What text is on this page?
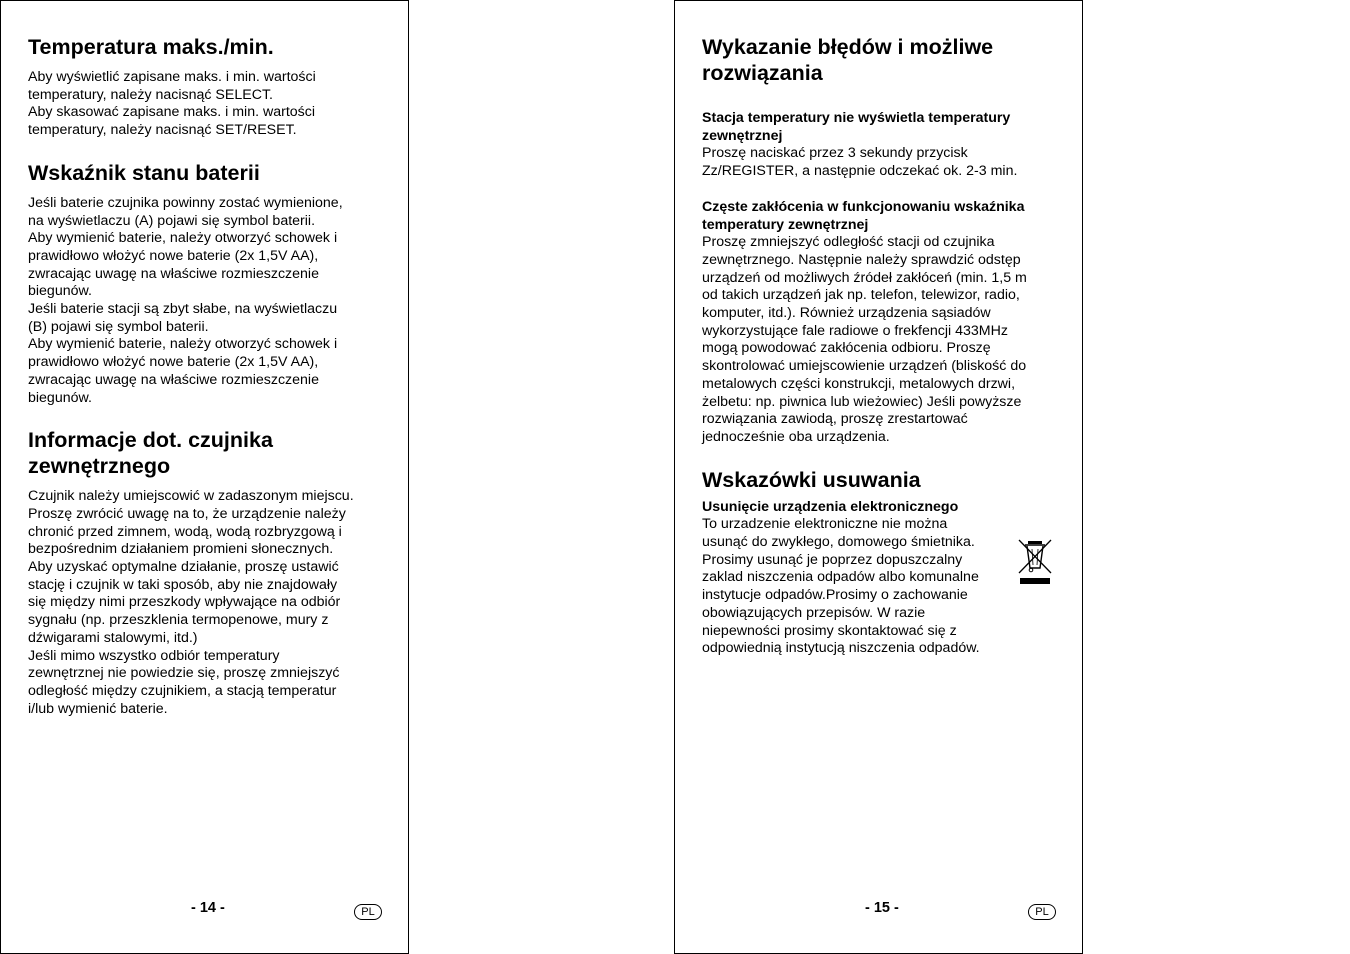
Temperatura maks./min.
Aby wyświetlić zapisane maks. i min. wartości
temperatury, należy nacisnąć SELECT.
Aby skasować zapisane maks. i min. wartości
temperatury, należy nacisnąć SET/RESET.
Wskaźnik stanu baterii
Jeśli baterie czujnika powinny zostać wymienione,
na wyświetlaczu (A) pojawi się symbol baterii.
Aby wymienić baterie, należy otworzyć schowek i
prawidłowo włożyć nowe baterie (2x 1,5V AA),
zwracając uwagę na właściwe rozmieszczenie
biegunów.
Jeśli baterie stacji są zbyt słabe, na wyświetlaczu
(B) pojawi się symbol baterii.
Aby wymienić baterie, należy otworzyć schowek i
prawidłowo włożyć nowe baterie (2x 1,5V AA),
zwracając uwagę na właściwe rozmieszczenie
biegunów.
Informacje dot. czujnika
zewnętrznego
Czujnik należy umiejscowić w zadaszonym miejscu.
Proszę zwrócić uwagę na to, że urządzenie należy
chronić przed zimnem, wodą, wodą rozbryzgową i
bezpośrednim działaniem promieni słonecznych.
Aby uzyskać optymalne działanie, proszę ustawić
stację i czujnik w taki sposób, aby nie znajdowały
się między nimi przeszkody wpływające na odbiór
sygnału (np. przeszklenia termopenowe, mury z
dźwigarami stalowymi, itd.)
Jeśli mimo wszystko odbiór temperatury
zewnętrznej nie powiedzie się, proszę zmniejszyć
odległość między czujnikiem, a stacją temperatur
i/lub wymienić baterie.
- 14 -	PL
Wykazanie błędów i możliwe
rozwiązania
Stacja temperatury nie wyświetla temperatury
zewnętrznej
Proszę naciskać przez 3 sekundy przycisk
Zz/REGISTER, a następnie odczekać ok. 2-3 min.
Częste zakłócenia w funkcjonowaniu wskaźnika
temperatury zewnętrznej
Proszę zmniejszyć odległość stacji od czujnika
zewnętrznego. Następnie należy sprawdzić odstęp
urządzeń od możliwych źródeł zakłóceń (min. 1,5 m
od takich urządzeń jak np. telefon, telewizor, radio,
komputer, itd.). Również urządzenia sąsiadów
wykorzystujące fale radiowe o frekfencji 433MHz
mogą powodować zakłócenia odbioru. Proszę
skontrolować umiejscowienie urządzeń (bliskość do
metalowych części konstrukcji, metalowych drzwi,
żelbetu: np. piwnica lub wieżowiec) Jeśli powyższe
rozwiązania zawiodą, proszę zrestartować
jednocześnie oba urządzenia.
Wskazówki usuwania
Usunięcie urządzenia elektronicznego
To urzadzenie elektroniczne nie można
usunąć do zwykłego, domowego śmietnika.
Prosimy usunąć je poprzez dopuszczalny
zaklad niszczenia odpadów albo komunalne
instytucje odpadów.Prosimy o zachowanie
obowiązujących przepisów. W razie
niepewności prosimy skontaktować się z
odpowiednią instytucją niszczenia odpadów.
- 15 -	PL
